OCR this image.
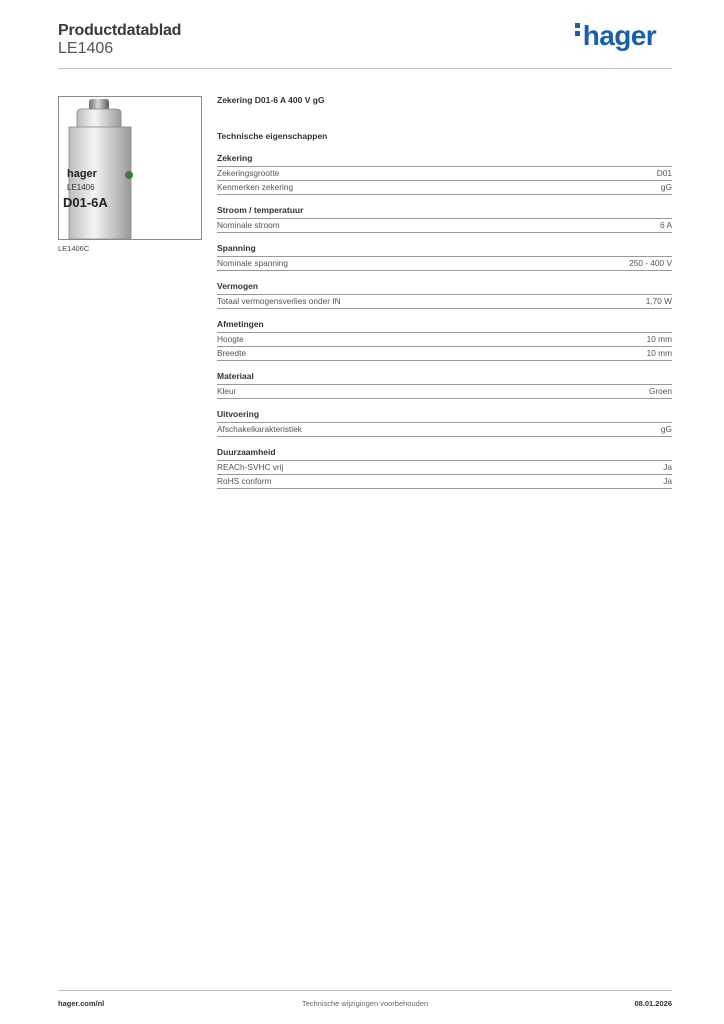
Productdatablad
LE1406	hager
hager
LE1406
D01-6A
LE1406C
Zekering D01-6 A 400 V gG
Technische eigenschappen
Zekering
Zekeringsgrootte	D01
Kenmerken zekering	gG
Stroom / temperatuur
Nominale stroom	6 A
Spanning
Nominale spanning	250 - 400 V
Vermogen
Totaal vermogensverlies onder IN	1,70 W
Afmetingen
Hoogte	10 mm
Breedte	10 mm
Materiaal
Kleur	Groen
Uitvoering
Afschakelkarakteristiek	gG
Duurzaamheid
REACh-SVHC vrij	Ja
RoHS conform	Ja
hager.com/nl	Technische wijzigingen voorbehouden	08.01.2026
